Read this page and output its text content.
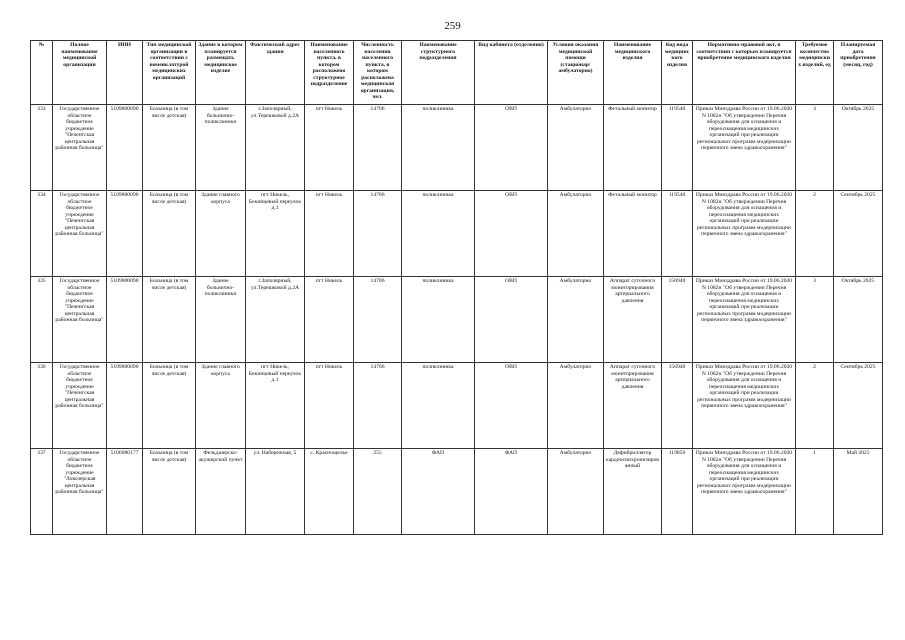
259
№	Полное наименование медицинской организации	ИНН	Тип медицинской организации в соответствии с номенклатурой медицинских организаций	Здание в котором планируется размещать медицинское изделие	Фактический адрес здания	Наименование населенного пункта, в котором расположено структурное подразделение	Численность населения населенного пункта, в котором расположена медицинская организация, чел.	Наименование структурного подразделения	Вид кабинета (отделения)	Условия оказания медицинской помощи (стационар/амбулаторно)	Наименование медицинского изделия	Код вида медицинского изделия	Нормативно-правовой акт, в соответствии с которым планируется приобретение медицинского изделия	Требуемое количество медицинских изделий, ед	Планируемая дата приобретения (месяц, год)
333	Государственное областное бюджетное учреждение "Печенгская центральная районная больница"	5109800090	Больница (в том числе детская)	Здание больнично-поликлиники	г.Заполярный, ул.Терешковой д.2А	пгт Никель	14706	поликлиника	ОВП	Амбулаторно	Фетальный монитор	119540	Приказ Минздрава России от 19.06.2020 N 1082н "Об утверждении Перечня оборудования для оснащения и переоснащения медицинских организаций при реализации региональных программ модернизации первичного звена здравоохранения"	3	Октябрь 2025
334	Государственное областное бюджетное учреждение "Печенгская центральная районная больница"	5109800090	Больница (в том числе детская)	Здание главного корпуса	пгт Никель, Бекинцевый переулок д.1	пгт Никель	14706	поликлиника	ОВП	Амбулаторно	Фетальный монитор	119540	Приказ Минздрава России от 19.06.2020 N 1082н "Об утверждении Перечня оборудования для оснащения и переоснащения медицинских организаций при реализации региональных программ модернизации первичного звена здравоохранения"	2	Сентябрь 2025
335	Государственное областное бюджетное учреждение "Печенгская центральная районная больница"	5109800090	Больница (в том числе детская)	Здание больнично-поликлиники	г.Заполярный, ул.Терешковой д.2А	пгт Никель	14706	поликлиника	ОВП	Амбулаторно	Аппарат суточного мониторирования артериального давления	156940	Приказ Минздрава России от 19.06.2020 N 1082н "Об утверждении Перечня оборудования для оснащения и переоснащения медицинских организаций при реализации региональных программ модернизации первичного звена здравоохранения"	3	Октябрь 2025
336	Государственное областное бюджетное учреждение "Печенгская центральная районная больница"	5109800090	Больница (в том числе детская)	Здание главного корпуса	пгт Никель, Бекинцевый переулок д.1	пгт Никель	14706	поликлиника	ОВП	Амбулаторно	Аппарат суточного мониторирования артериального давления	156940	Приказ Минздрава России от 19.06.2020 N 1082н "Об утверждении Перечня оборудования для оснащения и переоснащения медицинских организаций при реализации региональных программ модернизации первичного звена здравоохранения"	2	Сентябрь 2025
337	Государственное областное бюджетное учреждение "Ловозерская центральная районная больница"	5106080177	Больница (в том числе детская)	Фельдшерско-акушерский пункт	ул. Набережная, 5	с. Краснощелье	255	ФАП	ФАП	Амбулаторно	Дефибриллятор кардиосинхронизированный	119850	Приказ Минздрава России от 19.06.2020 N 1082н "Об утверждении Перечня оборудования для оснащения и переоснащения медицинских организаций при реализации региональных программ модернизации первичного звена здравоохранения"	1	Май 2025
